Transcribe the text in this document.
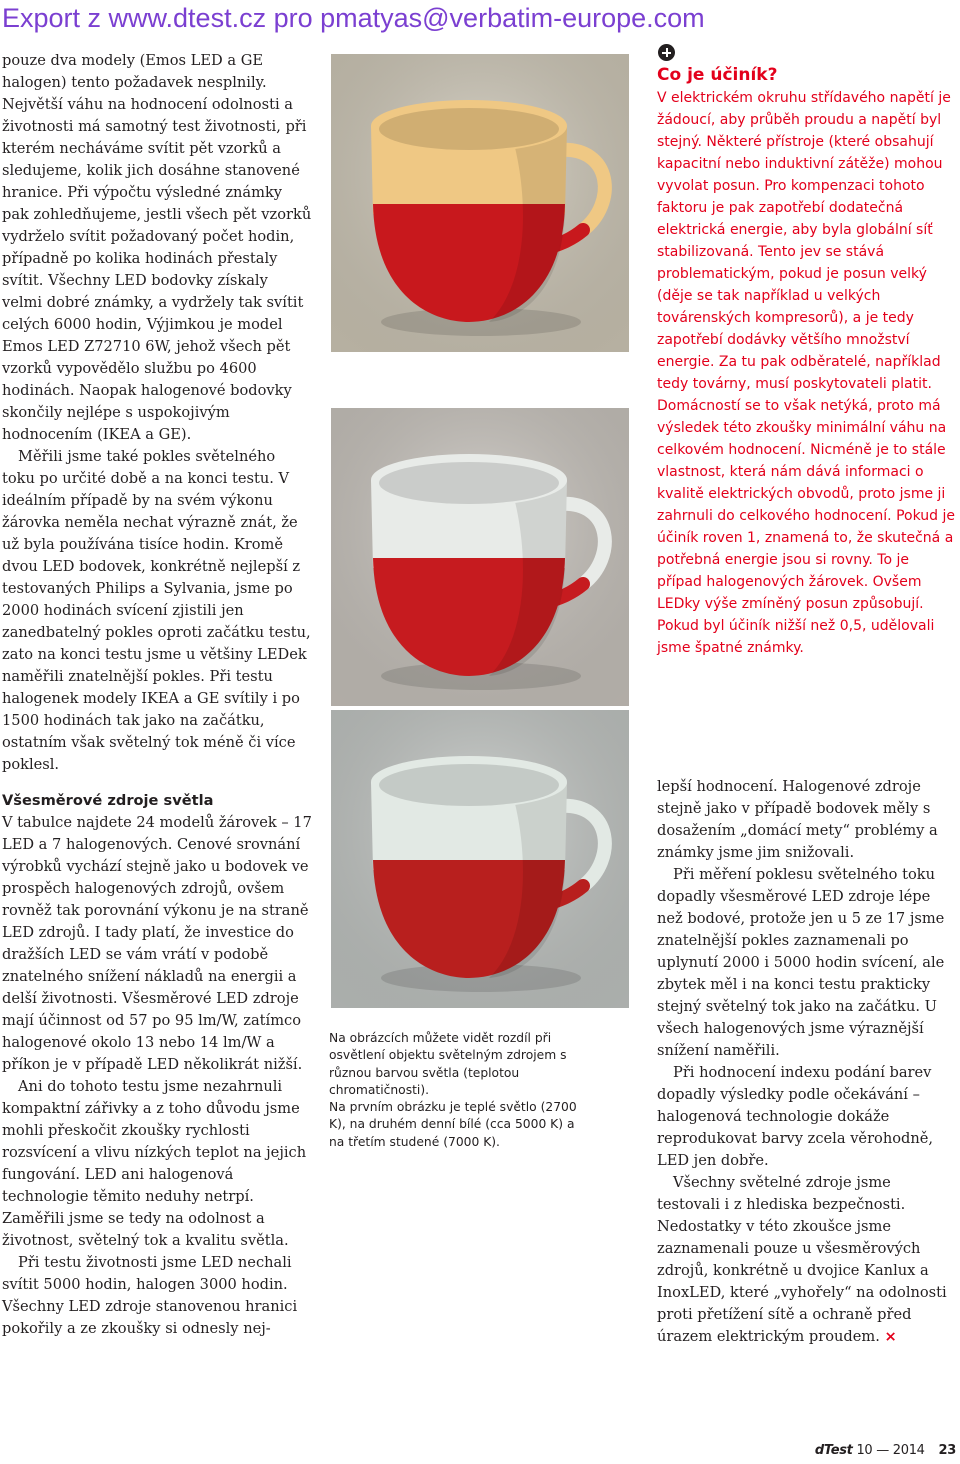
Export z www.dtest.cz pro pmatyas@verbatim-europe.com

pouze dva modely (Emos LED a GE halogen) tento požadavek nesplnily. Největší váhu na hodnocení odolnosti a životnosti má samotný test životnosti, při kterém necháváme svítit pět vzorků a sledujeme, kolik jich dosáhne stanovené hranice. Při výpočtu výsledné známky pak zohledňujeme, jestli všech pět vzorků vydrželo svítit požadovaný počet hodin, případně po kolika hodinách přestaly svítit. Všechny LED bodovky získaly velmi dobré známky, a vydržely tak svítit celých 6000 hodin, Výjimkou je model Emos LED Z72710 6W, jehož všech pět vzorků vypovědělo službu po 4600 hodinách. Naopak halogenové bodovky skončily nejlépe s uspokojivým hodnocením (IKEA a GE).

Měřili jsme také pokles světelného toku po určité době a na konci testu. V ideálním případě by na svém výkonu žárovka neměla nechat výrazně znát, že už byla používána tisíce hodin. Kromě dvou LED bodovek, konkrétně nejlepší z testovaných Philips a Sylvania, jsme po 2000 hodinách svícení zjistili jen zanedbatelný pokles oproti začátku testu, zato na konci testu jsme u většiny LEDek naměřili znatelnější pokles. Při testu halogenek modely IKEA a GE svítily i po 1500 hodinách tak jako na začátku, ostatním však světelný tok méně či více poklesl.

Všesměrové zdroje světla

V tabulce najdete 24 modelů žárovek – 17 LED a 7 halogenových. Cenové srovnání výrobků vychází stejně jako u bodovek ve prospěch halogenových zdrojů, ovšem rovněž tak porovnání výkonu je na straně LED zdrojů. I tady platí, že investice do dražších LED se vám vrátí v podobě znatelného snížení nákladů na energii a delší životnosti. Všesměrové LED zdroje mají účinnost od 57 po 95 lm/W, zatímco halogenové okolo 13 nebo 14 lm/W a příkon je v případě LED několikrát nižší.

Ani do tohoto testu jsme nezahrnuli kompaktní zářivky a z toho důvodu jsme mohli přeskočit zkoušky rychlosti rozsvícení a vlivu nízkých teplot na jejich fungování. LED ani halogenová technologie těmito neduhy netrpí. Zaměřili jsme se tedy na odolnost a životnost, světelný tok a kvalitu světla.

Při testu životnosti jsme LED nechali svítit 5000 hodin, halogen 3000 hodin. Všechny LED zdroje stanovenou hranici pokořily a ze zkoušky si odnesly nej-

Na obrázcích můžete vidět rozdíl při osvětlení objektu světelným zdrojem s různou barvou světla (teplotou chromatičnosti).

Na prvním obrázku je teplé světlo (2700 K), na druhém denní bílé (cca 5000 K) a na třetím studené (7000 K).

Co je účiník?

V elektrickém okruhu střídavého napětí je žádoucí, aby průběh proudu a napětí byl stejný. Některé přístroje (které obsahují kapacitní nebo induktivní zátěže) mohou vyvolat posun. Pro kompenzaci tohoto faktoru je pak zapotřebí dodatečná elektrická energie, aby byla globální síť stabilizovaná. Tento jev se stává problematickým, pokud je posun velký (děje se tak například u velkých továrenských kompresorů), a je tedy zapotřebí dodávky většího množství energie. Za tu pak odběratelé, například tedy továrny, musí poskytovateli platit. Domácností se to však netýká, proto má výsledek této zkoušky minimální váhu na celkovém hodnocení. Nicméně je to stále vlastnost, která nám dává informaci o kvalitě elektrických obvodů, proto jsme ji zahrnuli do celkového hodnocení. Pokud je účiník roven 1, znamená to, že skutečná a potřebná energie jsou si rovny. To je případ halogenových žárovek. Ovšem LEDky výše zmíněný posun způsobují. Pokud byl účiník nižší než 0,5, udělovali jsme špatné známky.

lepší hodnocení. Halogenové zdroje stejně jako v případě bodovek měly s dosažením „domácí mety“ problémy a známky jsme jim snižovali.

Při měření poklesu světelného toku dopadly všesměrové LED zdroje lépe než bodové, protože jen u 5 ze 17 jsme znatelnější pokles zaznamenali po uplynutí 2000 i 5000 hodin svícení, ale zbytek měl i na konci testu prakticky stejný světelný tok jako na začátku. U všech halogenových jsme výraznější snížení naměřili.

Při hodnocení indexu podání barev dopadly výsledky podle očekávání – halogenová technologie dokáže reprodukovat barvy zcela věrohodně, LED jen dobře.

Všechny světelné zdroje jsme testovali i z hlediska bezpečnosti. Nedostatky v této zkoušce jsme zaznamenali pouze u všesměrových zdrojů, konkrétně u dvojice Kanlux a InoxLED, které „vyhořely“ na odolnosti proti přetížení sítě a ochraně před úrazem elektrickým proudem. ×

dTest 10 — 2014 23
